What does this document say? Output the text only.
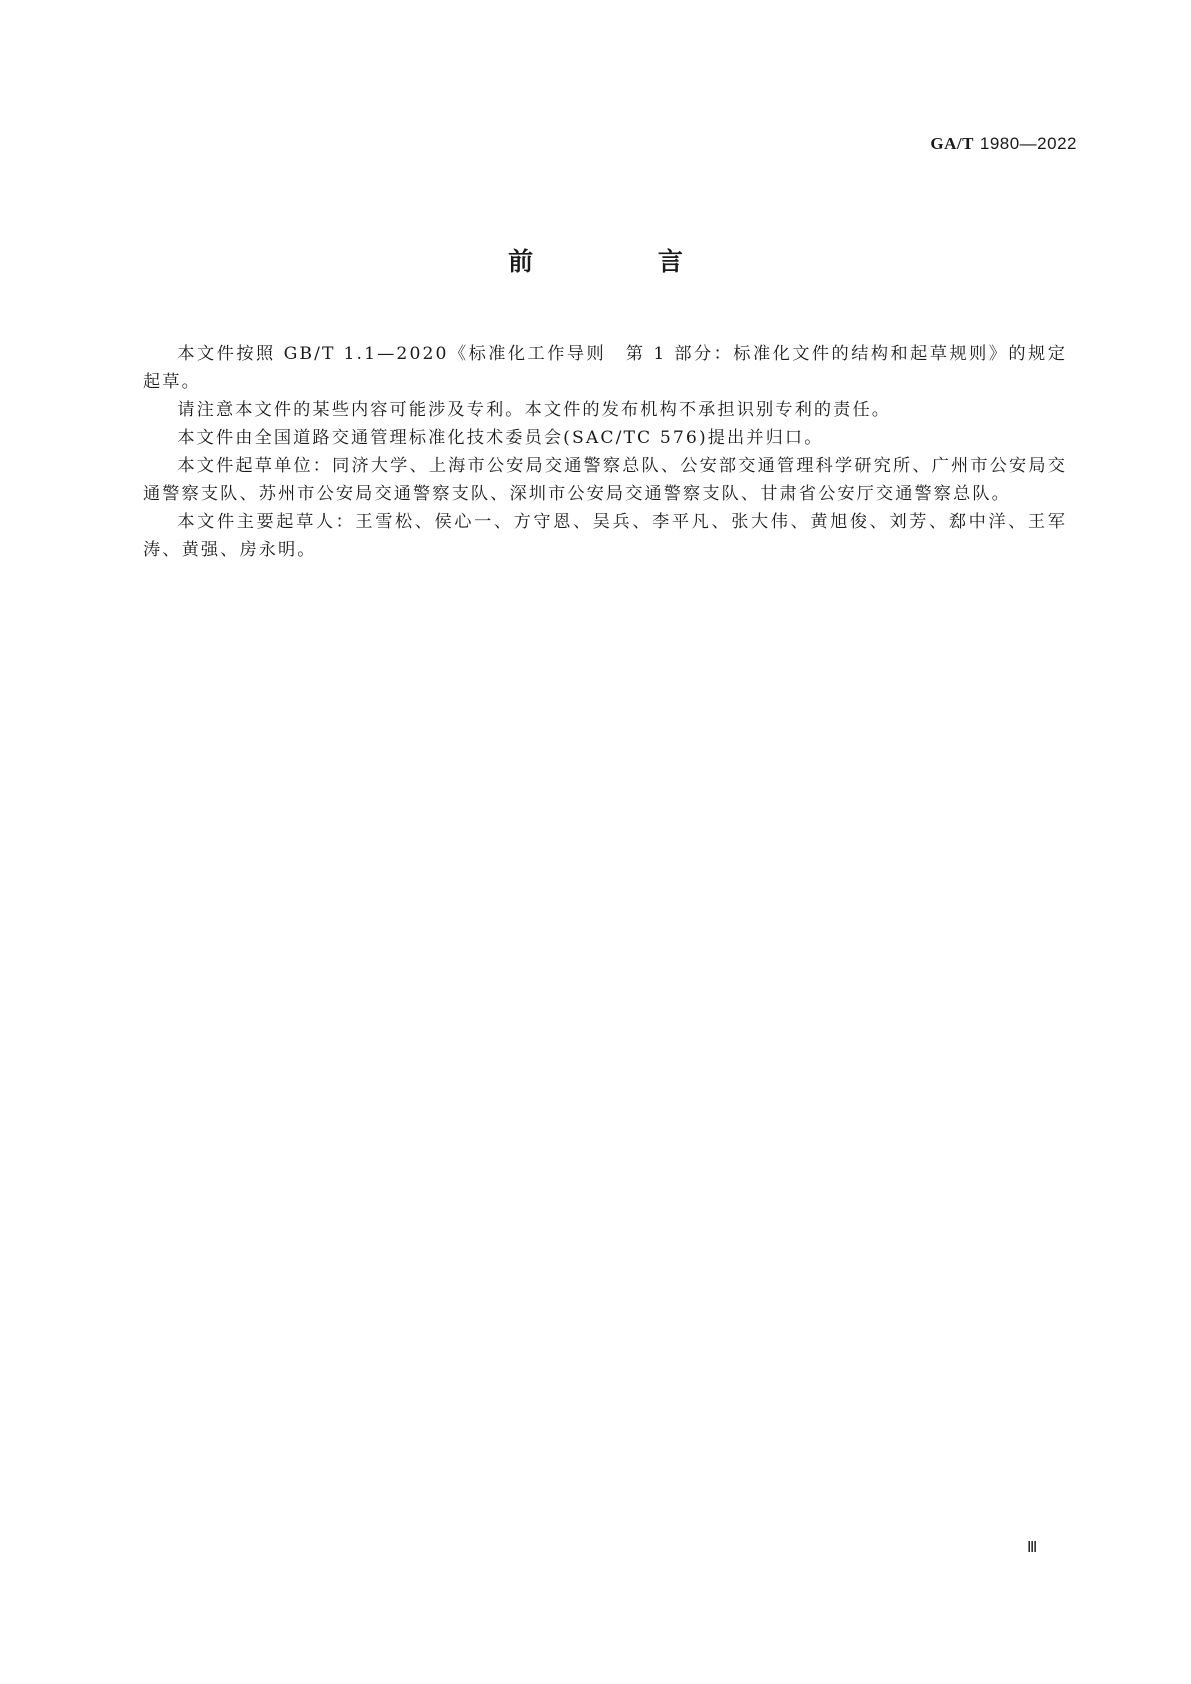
GA/T 1980—2022
前 言

本文件按照 GB/T 1.1—2020《标准化工作导则　第 1 部分：标准化文件的结构和起草规则》的规定起草。

请注意本文件的某些内容可能涉及专利。本文件的发布机构不承担识别专利的责任。

本文件由全国道路交通管理标准化技术委员会(SAC/TC 576)提出并归口。

本文件起草单位：同济大学、上海市公安局交通警察总队、公安部交通管理科学研究所、广州市公安局交通警察支队、苏州市公安局交通警察支队、深圳市公安局交通警察支队、甘肃省公安厅交通警察总队。

本文件主要起草人：王雪松、侯心一、方守恩、吴兵、李平凡、张大伟、黄旭俊、刘芳、郄中洋、王军涛、黄强、房永明。

Ⅲ
